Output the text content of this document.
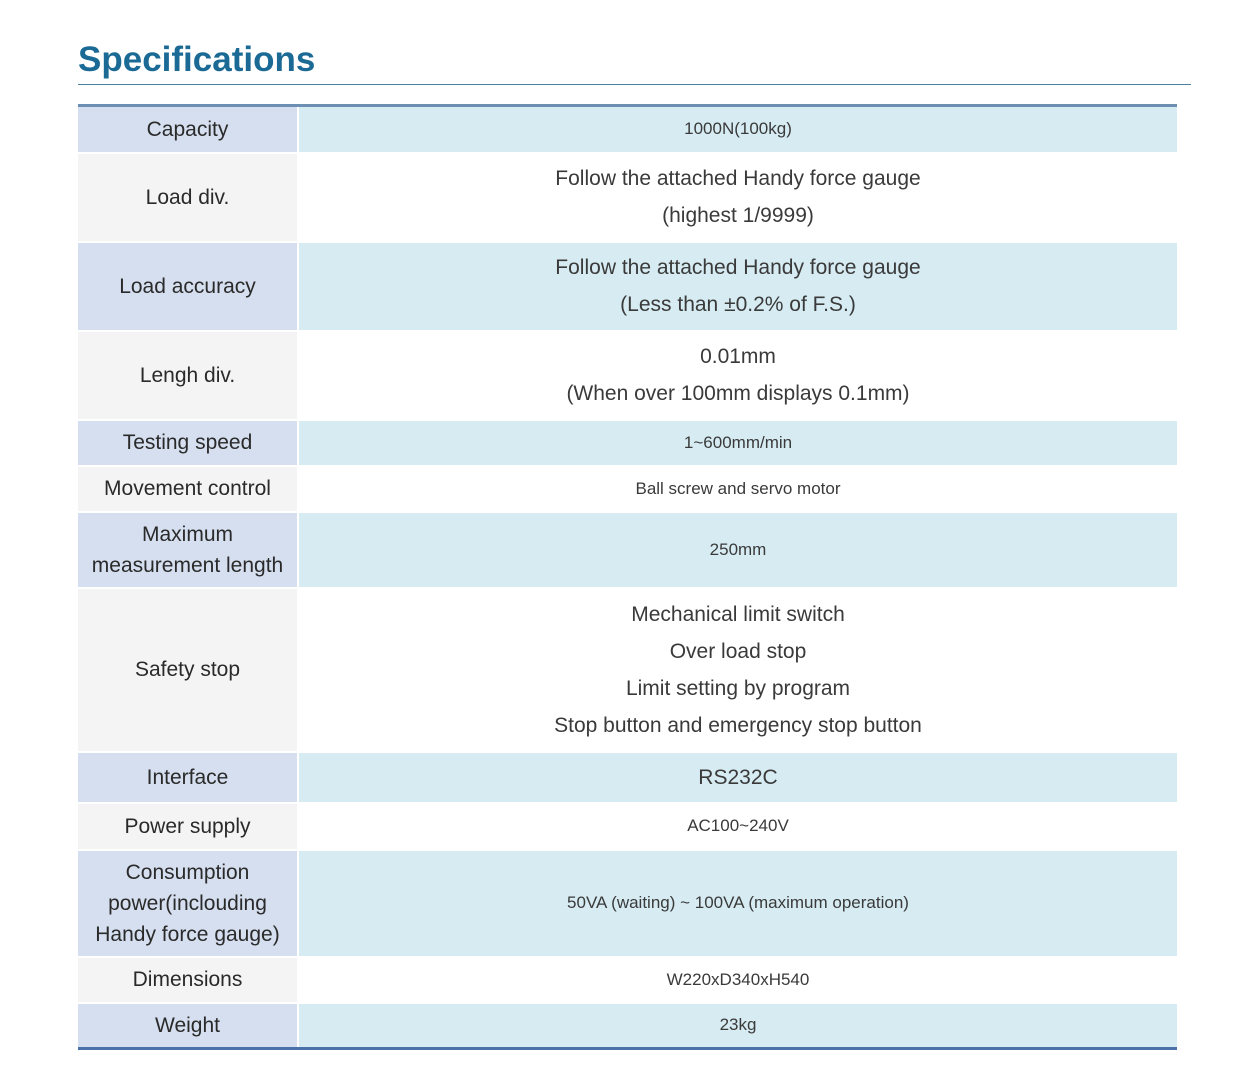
Specifications
Capacity	1000N(100kg)

Load div.	Follow the attached Handy force gauge
(highest 1/9999)

Load accuracy	Follow the attached Handy force gauge
(Less than ±0.2% of F.S.)

Lengh div.	0.01mm
(When over 100mm displays 0.1mm)

Testing speed	1~600mm/min

Movement control	Ball screw and servo motor

Maximum measurement length	250mm

Safety stop	Mechanical limit switch
Over load stop
Limit setting by program
Stop button and emergency stop button

Interface	RS232C

Power supply	AC100~240V

Consumption power(inclouding Handy force gauge)	50VA (waiting) ~ 100VA (maximum operation)

Dimensions	W220xD340xH540

Weight	23kg
